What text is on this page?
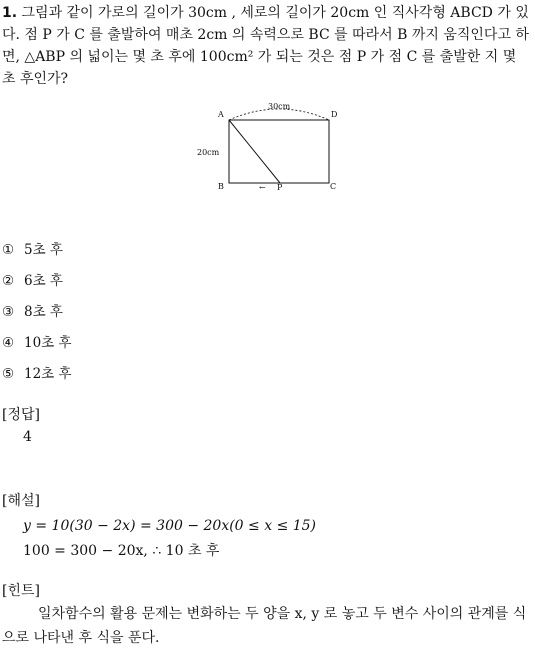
1. 그림과 같이 가로의 길이가 30cm , 세로의 길이가 20cm 인 직사각형 ABCD 가 있다. 점 P 가 C 를 출발하여 매초 2cm 의 속력으로 BC 를 따라서 B 까지 움직인다고 하면, △ABP 의 넓이는 몇 초 후에 100cm² 가 되는 것은 점 P 가 점 C 를 출발한 지 몇 초 후인가?
A	D
B	C
P
30cm
20cm
←
① 5초 후
② 6초 후
③ 8초 후
④ 10초 후
⑤ 12초 후
[정답]
4
[해설]
y = 10(30 − 2x) = 300 − 20x(0 ≤ x ≤ 15)
100 = 300 − 20x, ∴ 10 초 후
[힌트]
일차함수의 활용 문제는 변화하는 두 양을 x, y 로 놓고 두 변수 사이의 관계를 식으로 나타낸 후 식을 푼다.
